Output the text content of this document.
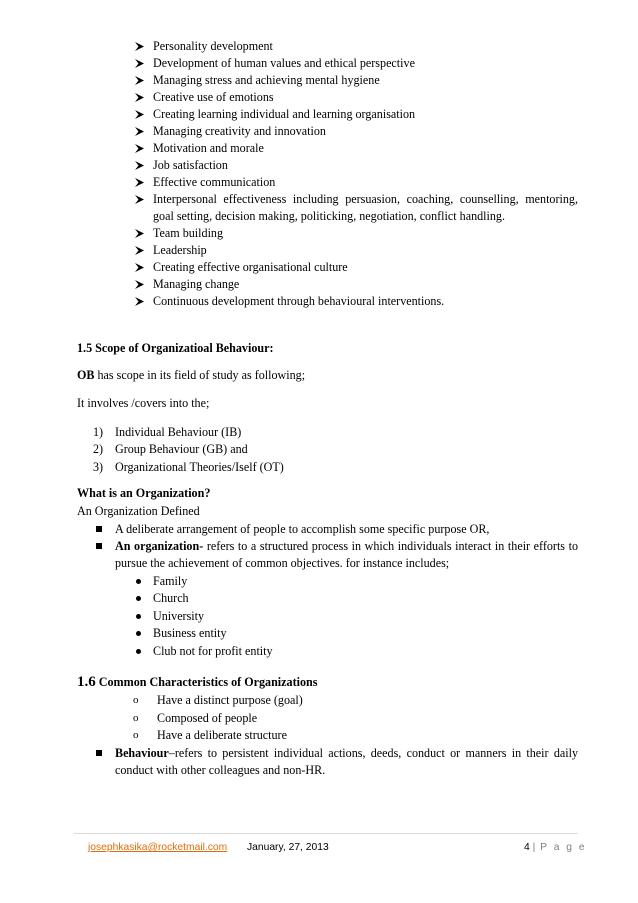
Personality development
Development of human values and ethical perspective
Managing stress and achieving mental hygiene
Creative use of emotions
Creating learning individual and learning organisation
Managing creativity and innovation
Motivation and morale
Job satisfaction
Effective communication
Interpersonal effectiveness including persuasion, coaching, counselling, mentoring, goal setting, decision making, politicking, negotiation, conflict handling.
Team building
Leadership
Creating effective organisational culture
Managing change
Continuous development through behavioural interventions.
1.5 Scope of Organizatioal Behaviour:
OB has scope in its field of study as following;
It involves /covers into the;
1) Individual Behaviour (IB)
2) Group Behaviour (GB) and
3) Organizational Theories/Iself (OT)
What is an Organization?
An Organization Defined
A deliberate arrangement of people to accomplish some specific purpose OR,
An organization- refers to a structured process in which individuals interact in their efforts to pursue the achievement of common objectives. for instance includes;
Family
Church
University
Business entity
Club not for profit entity
1.6 Common Characteristics of Organizations
o Have a distinct purpose (goal)
o Composed of people
o Have a deliberate structure
Behaviour–refers to persistent individual actions, deeds, conduct or manners in their daily conduct with other colleagues and non-HR.
josephkasika@rocketmail.com January, 27, 2013	4 | P a g e
